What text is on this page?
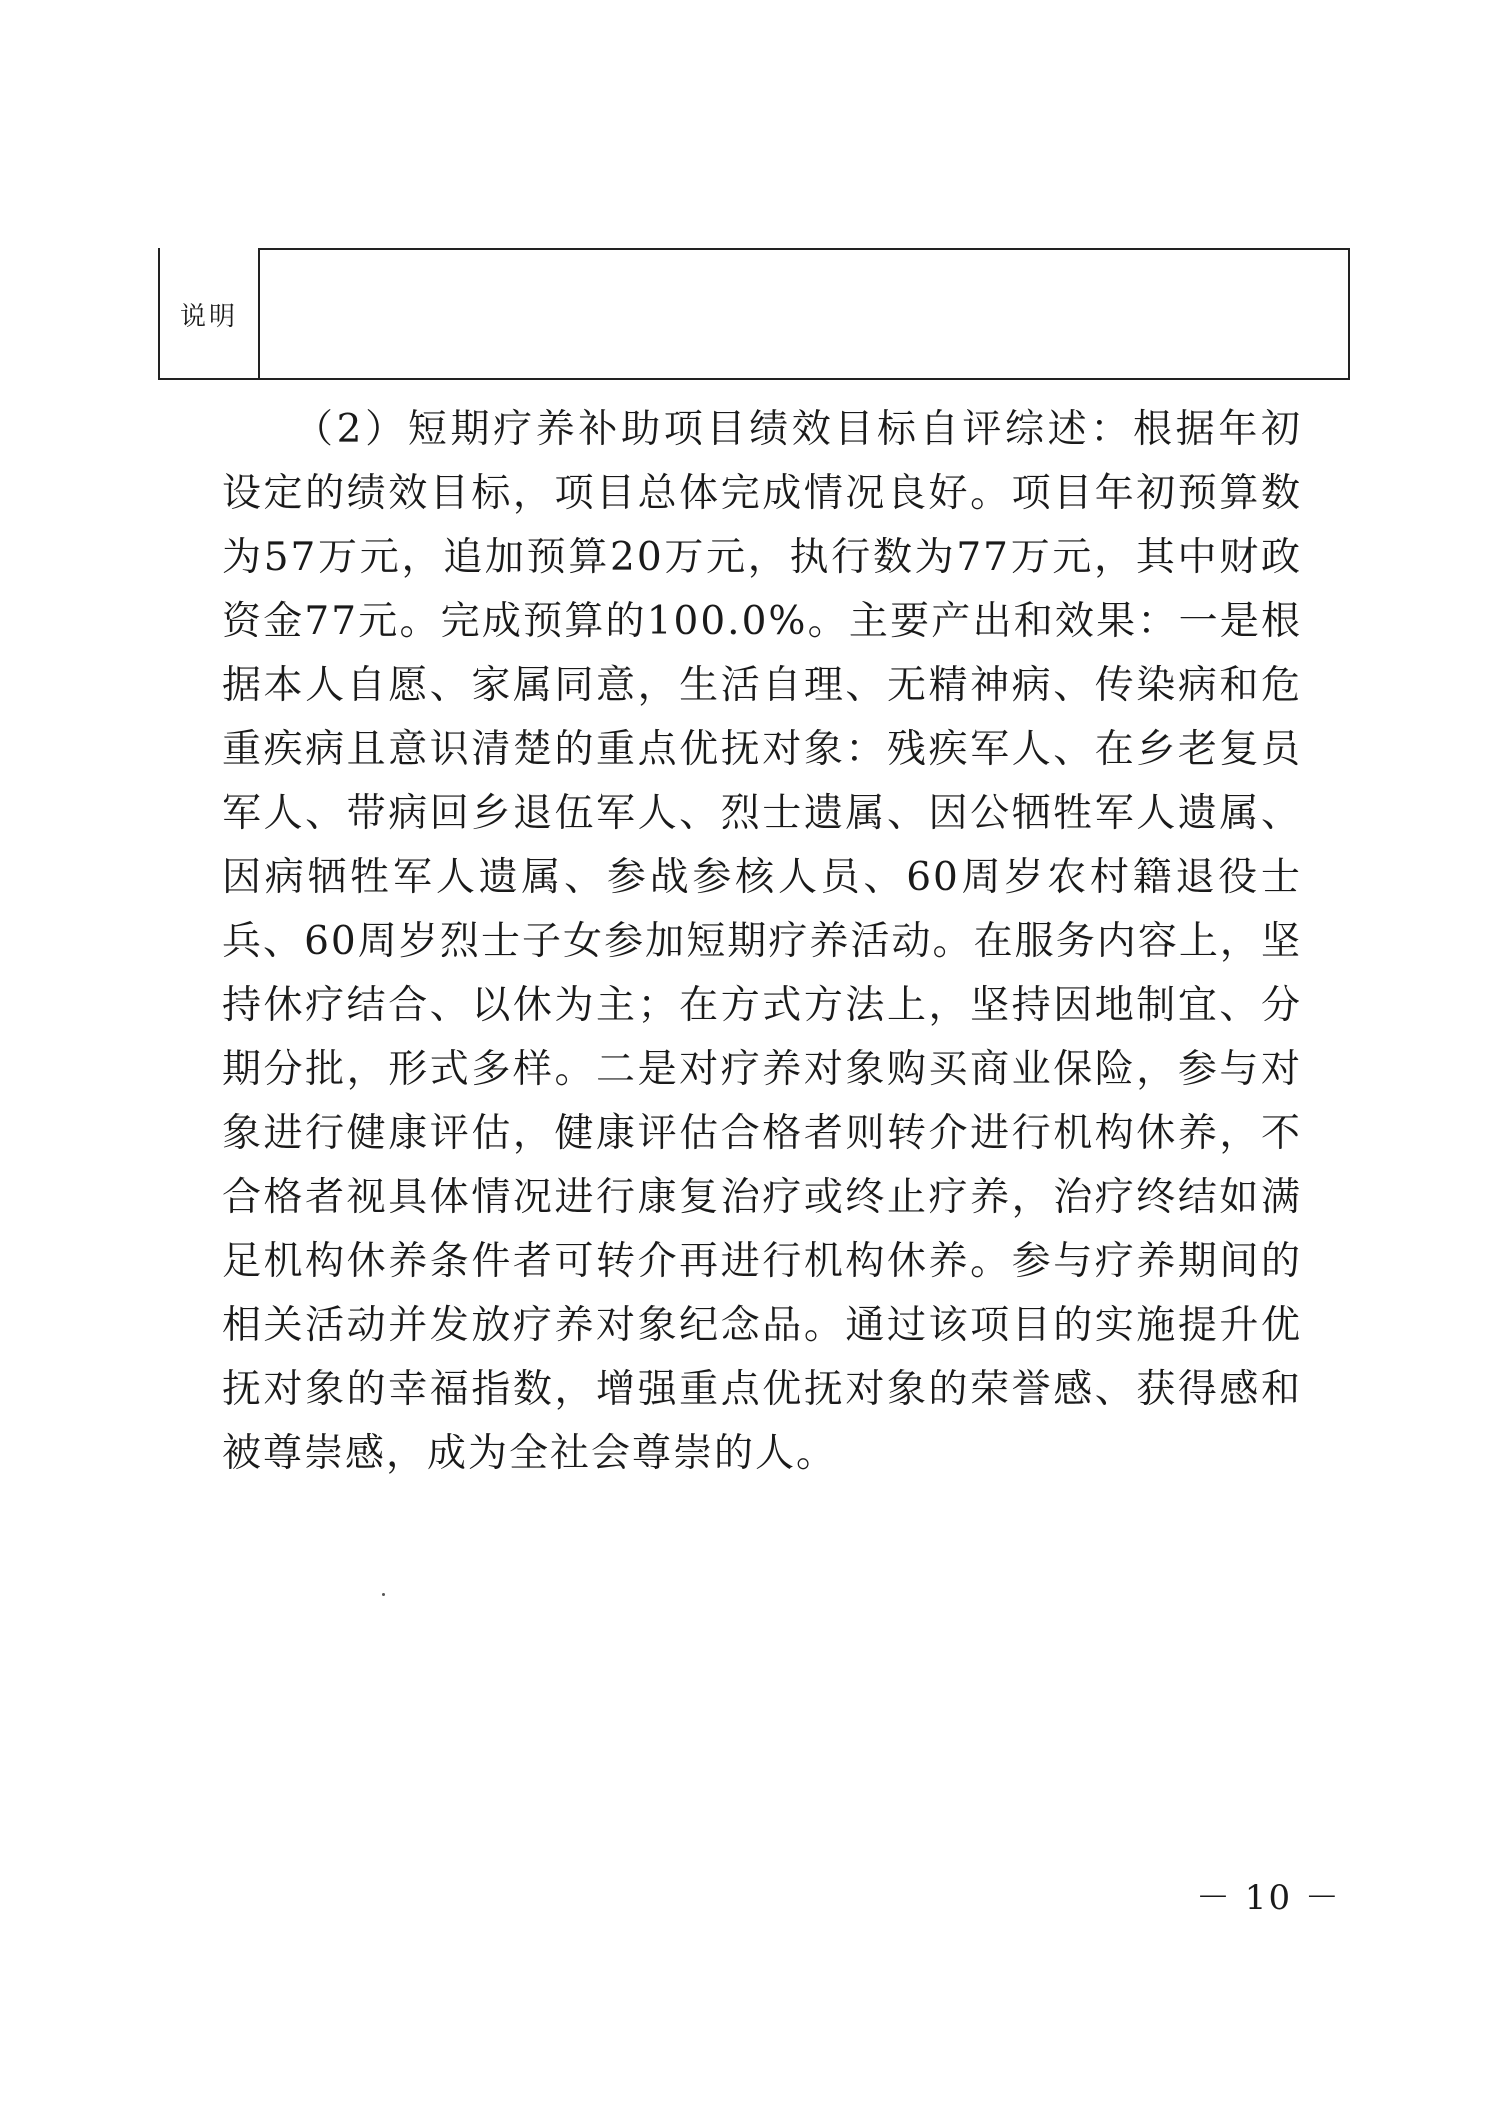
说明

（2）短期疗养补助项目绩效目标自评综述：根据年初设定的绩效目标，项目总体完成情况良好。项目年初预算数为57万元，追加预算20万元，执行数为77万元，其中财政资金77元。完成预算的100.0%。主要产出和效果：一是根据本人自愿、家属同意，生活自理、无精神病、传染病和危重疾病且意识清楚的重点优抚对象：残疾军人、在乡老复员军人、带病回乡退伍军人、烈士遗属、因公牺牲军人遗属、因病牺牲军人遗属、参战参核人员、60周岁农村籍退役士兵、60周岁烈士子女参加短期疗养活动。在服务内容上，坚持休疗结合、以休为主；在方式方法上，坚持因地制宜、分期分批，形式多样。二是对疗养对象购买商业保险，参与对象进行健康评估，健康评估合格者则转介进行机构休养，不合格者视具体情况进行康复治疗或终止疗养，治疗终结如满足机构休养条件者可转介再进行机构休养。参与疗养期间的相关活动并发放疗养对象纪念品。通过该项目的实施提升优抚对象的幸福指数，增强重点优抚对象的荣誉感、获得感和被尊崇感，成为全社会尊崇的人。

－ 10 －
